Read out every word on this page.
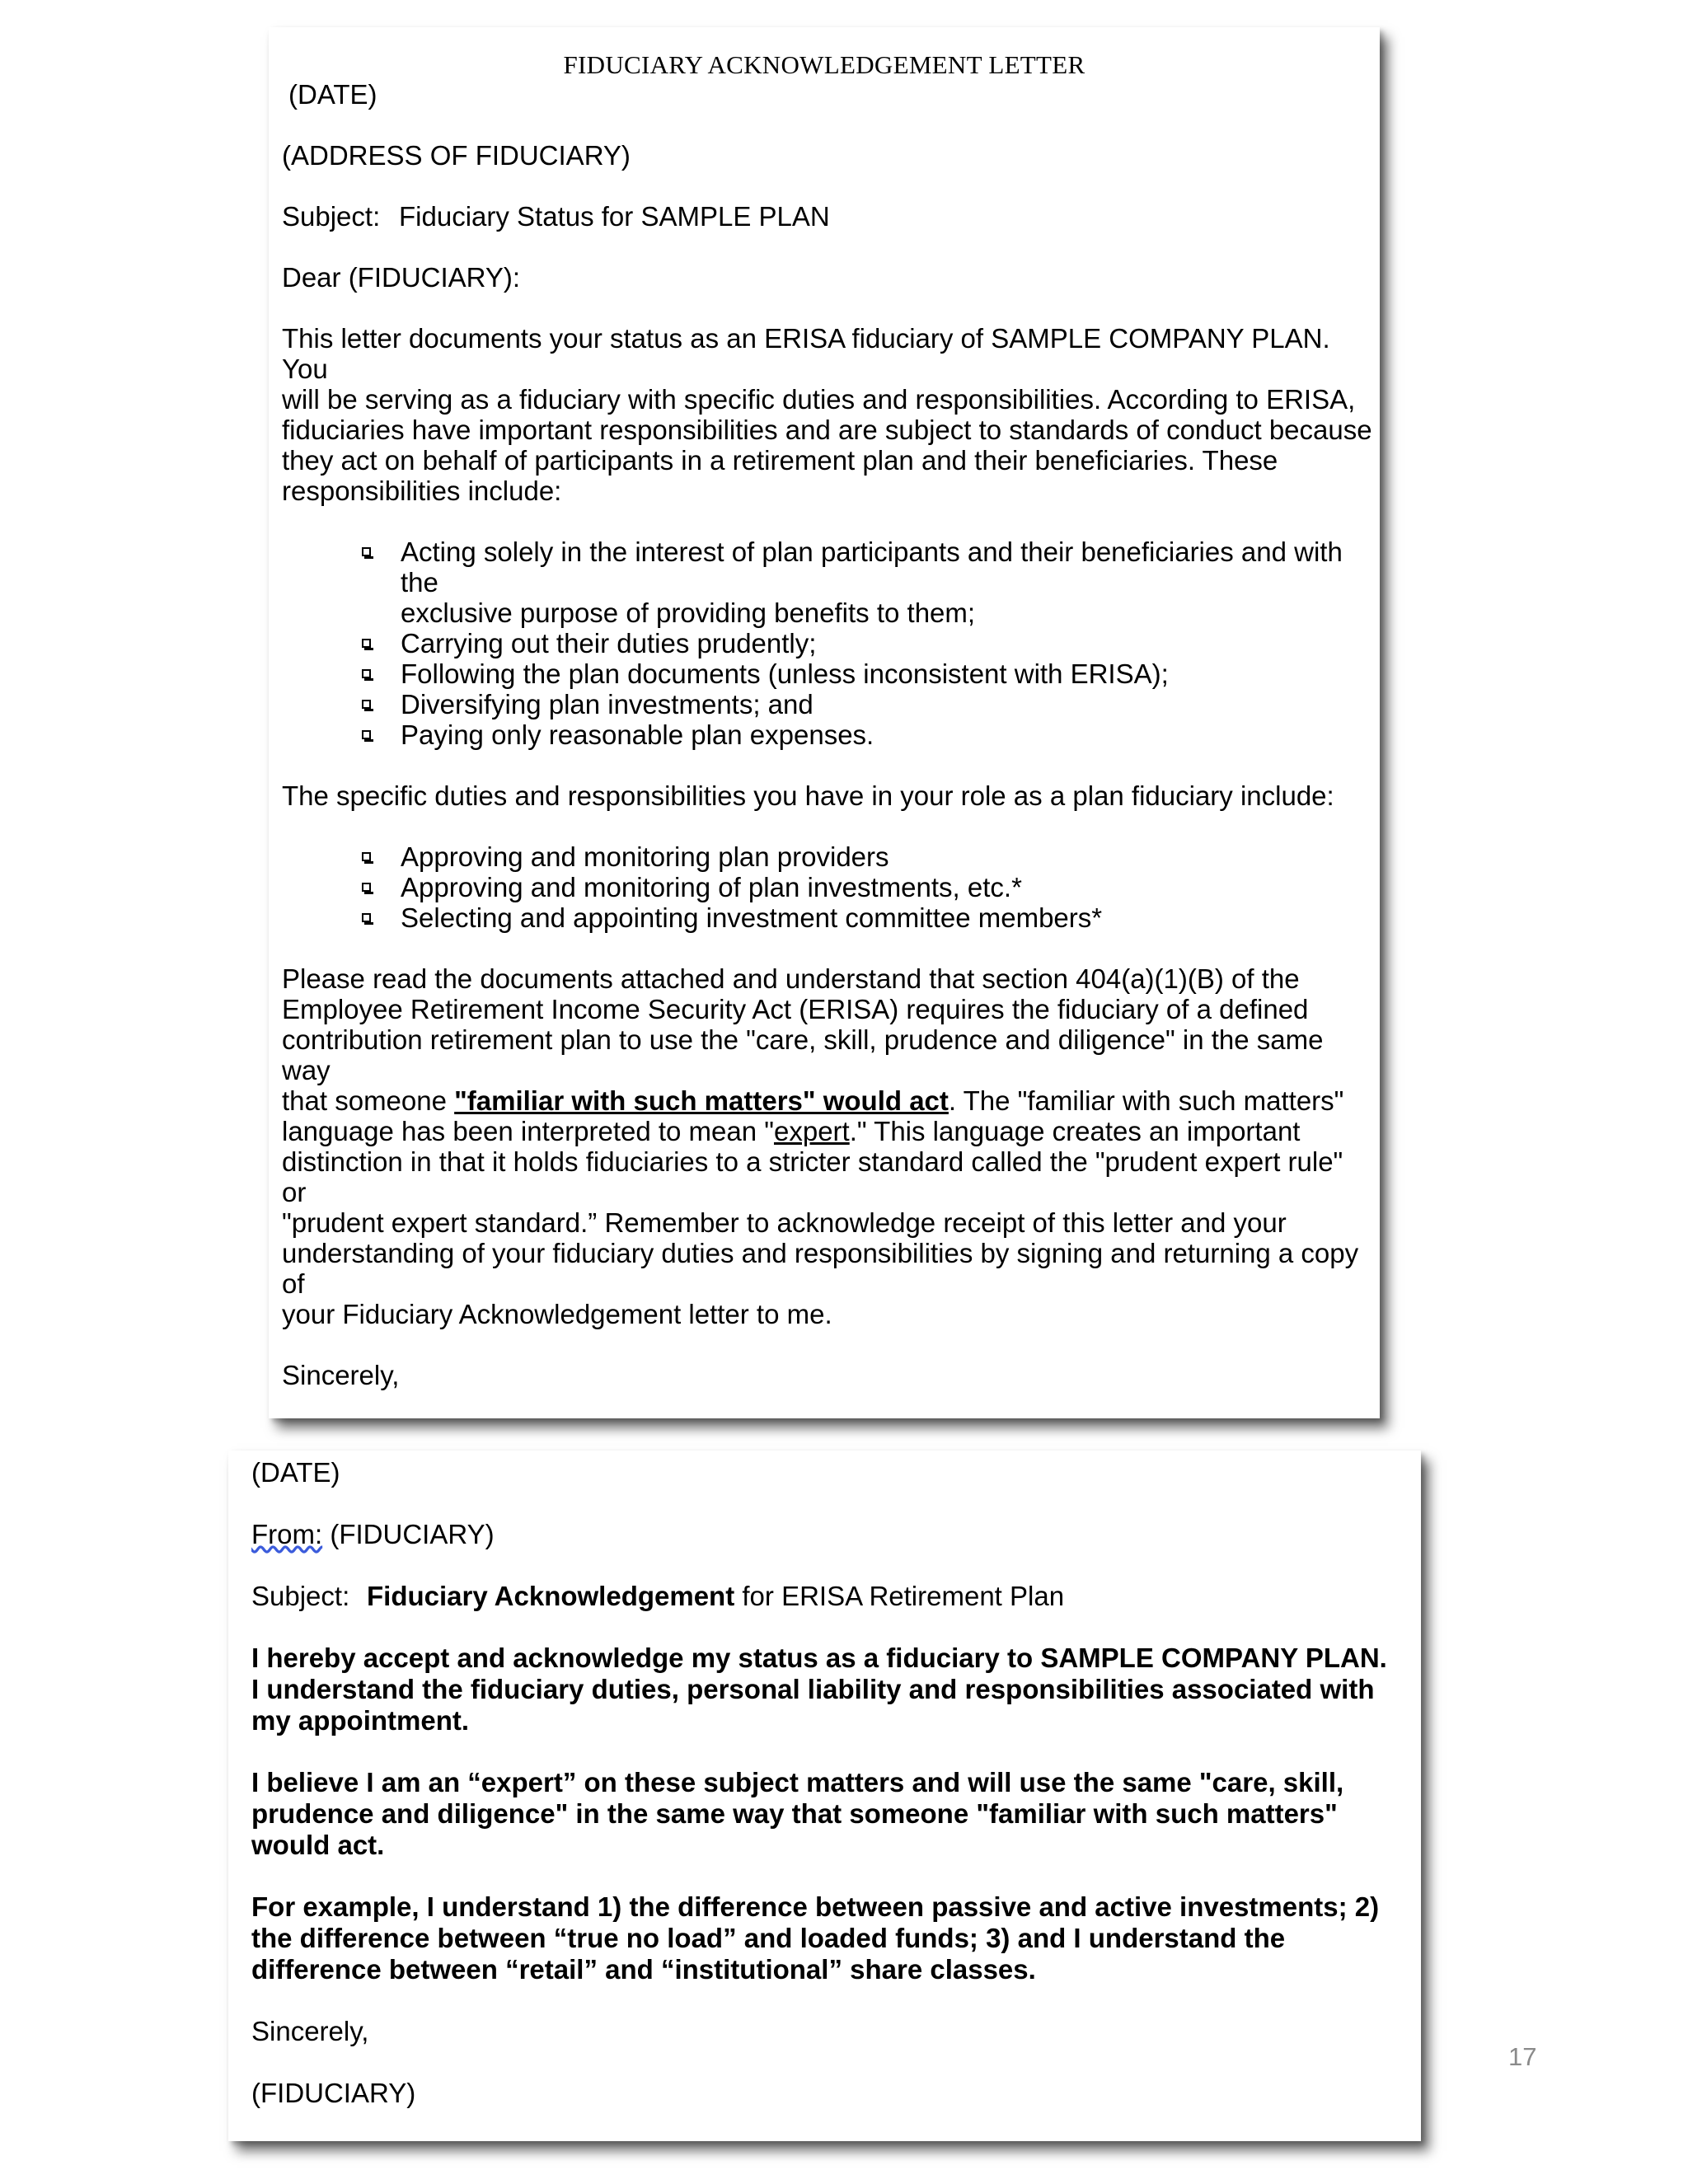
FIDUCIARY ACKNOWLEDGEMENT LETTER

(DATE)

(ADDRESS OF FIDUCIARY)

Subject: Fiduciary Status for SAMPLE PLAN

Dear (FIDUCIARY):

This letter documents your status as an ERISA fiduciary of SAMPLE COMPANY PLAN. You
will be serving as a fiduciary with specific duties and responsibilities. According to ERISA,
fiduciaries have important responsibilities and are subject to standards of conduct because
they act on behalf of participants in a retirement plan and their beneficiaries. These
responsibilities include:
Acting solely in the interest of plan participants and their beneficiaries and with the
exclusive purpose of providing benefits to them;
Carrying out their duties prudently;
Following the plan documents (unless inconsistent with ERISA);
Diversifying plan investments; and
Paying only reasonable plan expenses.

The specific duties and responsibilities you have in your role as a plan fiduciary include:

Approving and monitoring plan providers
Approving and monitoring of plan investments, etc.*
Selecting and appointing investment committee members*
Please read the documents attached and understand that section 404(a)(1)(B) of the
Employee Retirement Income Security Act (ERISA) requires the fiduciary of a defined
contribution retirement plan to use the "care, skill, prudence and diligence" in the same way
that someone "familiar with such matters" would act. The "familiar with such matters"
language has been interpreted to mean "expert." This language creates an important
distinction in that it holds fiduciaries to a stricter standard called the "prudent expert rule" or
"prudent expert standard.” Remember to acknowledge receipt of this letter and your
understanding of your fiduciary duties and responsibilities by signing and returning a copy of
your Fiduciary Acknowledgement letter to me.

Sincerely,

(DATE)

From: (FIDUCIARY)

Subject: Fiduciary Acknowledgement for ERISA Retirement Plan

I hereby accept and acknowledge my status as a fiduciary to SAMPLE COMPANY PLAN.
I understand the fiduciary duties, personal liability and responsibilities associated with
my appointment.
I believe I am an “expert” on these subject matters and will use the same "care, skill,
prudence and diligence" in the same way that someone "familiar with such matters"
would act.
For example, I understand 1) the difference between passive and active investments; 2)
the difference between “true no load” and loaded funds; 3) and I understand the
difference between “retail” and “institutional” share classes.

Sincerely,

(FIDUCIARY)

17
